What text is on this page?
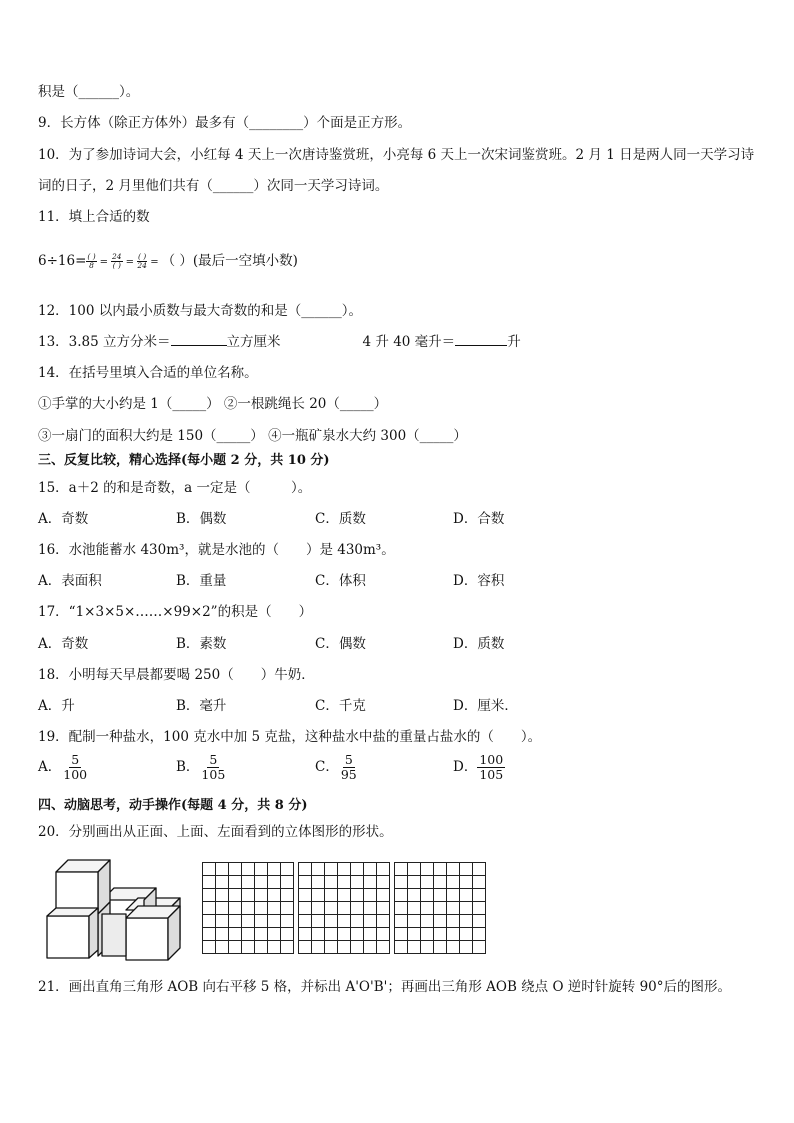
积是（______）。
9．长方体（除正方体外）最多有（________）个面是正方形。
10．为了参加诗词大会，小红每 4 天上一次唐诗鉴赏班，小亮每 6 天上一次宋词鉴赏班。2 月 1 日是两人同一天学习诗
词的日子，2 月里他们共有（______）次同一天学习诗词。
11．填上合适的数
$6\div 16= \frac{( )}{8} = \frac{24}{( )} = \frac{( )}{24}$ = （ ）(最后一空填小数)
12．100 以内最小质数与最大奇数的和是（______）。
13．3.85 立方分米＝	立方厘米	4 升 40 毫升＝	升
14．在括号里填入合适的单位名称。
①手掌的大小约是 1（_____） ②一根跳绳长 20（_____）
③一扇门的面积大约是 150（_____） ④一瓶矿泉水大约 300（_____）
三、反复比较，精心选择(每小题 2 分，共 10 分)
15．a＋2 的和是奇数，a 一定是（　　　）。
A．奇数	B．偶数	C．质数	D．合数
16．水池能蓄水 430m³，就是水池的（　　）是 430m³。
A．表面积	B．重量	C．体积	D．容积
17．“1×3×5×……×99×2”的积是（　　）
A．奇数	B．素数	C．偶数	D．质数
18．小明每天早晨都要喝 250（　　）牛奶．
A．升	B．毫升	C．千克	D．厘米．
19．配制一种盐水，100 克水中加 5 克盐，这种盐水中盐的重量占盐水的（　　）。
A． $\frac{5}{100}$	B． $\frac{5}{105}$	C． $\frac{5}{95}$	D． $\frac{100}{105}$
四、动脑思考，动手操作(每题 4 分，共 8 分)
20．分别画出从正面、上面、左面看到的立体图形的形状。
21．画出直角三角形 AOB 向右平移 5 格，并标出 A'O'B'；再画出三角形 AOB 绕点 O 逆时针旋转 90°后的图形。
